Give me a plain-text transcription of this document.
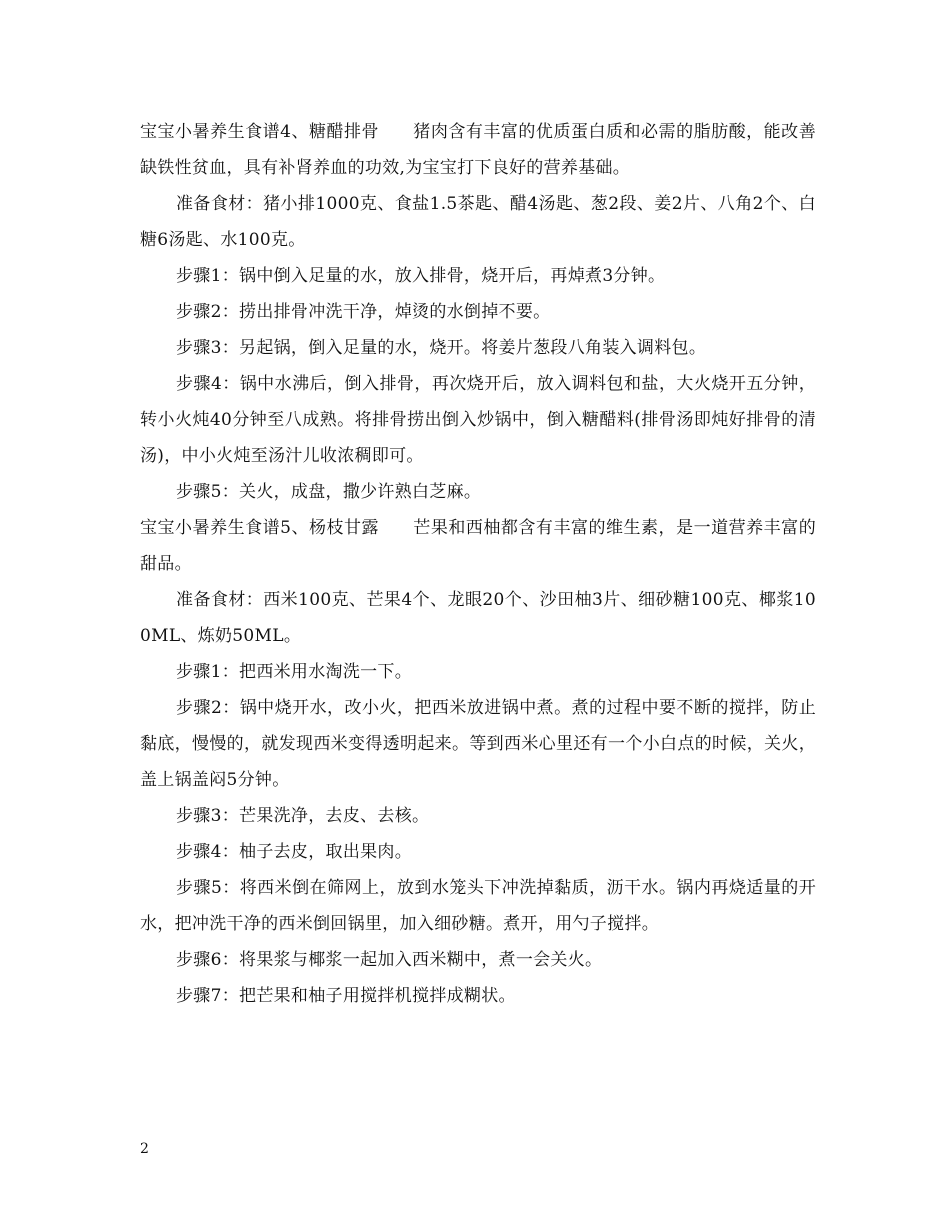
宝宝小暑养生食谱4、糖醋排骨 猪肉含有丰富的优质蛋白质和必需的脂肪酸，能改善缺铁性贫血，具有补肾养血的功效,为宝宝打下良好的营养基础。

准备食材：猪小排1000克、食盐1.5茶匙、醋4汤匙、葱2段、姜2片、八角2个、白糖6汤匙、水100克。

步骤1：锅中倒入足量的水，放入排骨，烧开后，再焯煮3分钟。

步骤2：捞出排骨冲洗干净，焯烫的水倒掉不要。

步骤3：另起锅，倒入足量的水，烧开。将姜片葱段八角装入调料包。

步骤4：锅中水沸后，倒入排骨，再次烧开后，放入调料包和盐，大火烧开五分钟，转小火炖40分钟至八成熟。将排骨捞出倒入炒锅中，倒入糖醋料(排骨汤即炖好排骨的清汤)，中小火炖至汤汁儿收浓稠即可。

步骤5：关火，成盘，撒少许熟白芝麻。

宝宝小暑养生食谱5、杨枝甘露 芒果和西柚都含有丰富的维生素，是一道营养丰富的甜品。

准备食材：西米100克、芒果4个、龙眼20个、沙田柚3片、细砂糖100克、椰浆100ML、炼奶50ML。

步骤1：把西米用水淘洗一下。

步骤2：锅中烧开水，改小火，把西米放进锅中煮。煮的过程中要不断的搅拌，防止黏底，慢慢的，就发现西米变得透明起来。等到西米心里还有一个小白点的时候，关火，盖上锅盖闷5分钟。

步骤3：芒果洗净，去皮、去核。

步骤4：柚子去皮，取出果肉。

步骤5：将西米倒在筛网上，放到水笼头下冲洗掉黏质，沥干水。锅内再烧适量的开水，把冲洗干净的西米倒回锅里，加入细砂糖。煮开，用勺子搅拌。

步骤6：将果浆与椰浆一起加入西米糊中，煮一会关火。

步骤7：把芒果和柚子用搅拌机搅拌成糊状。

2
